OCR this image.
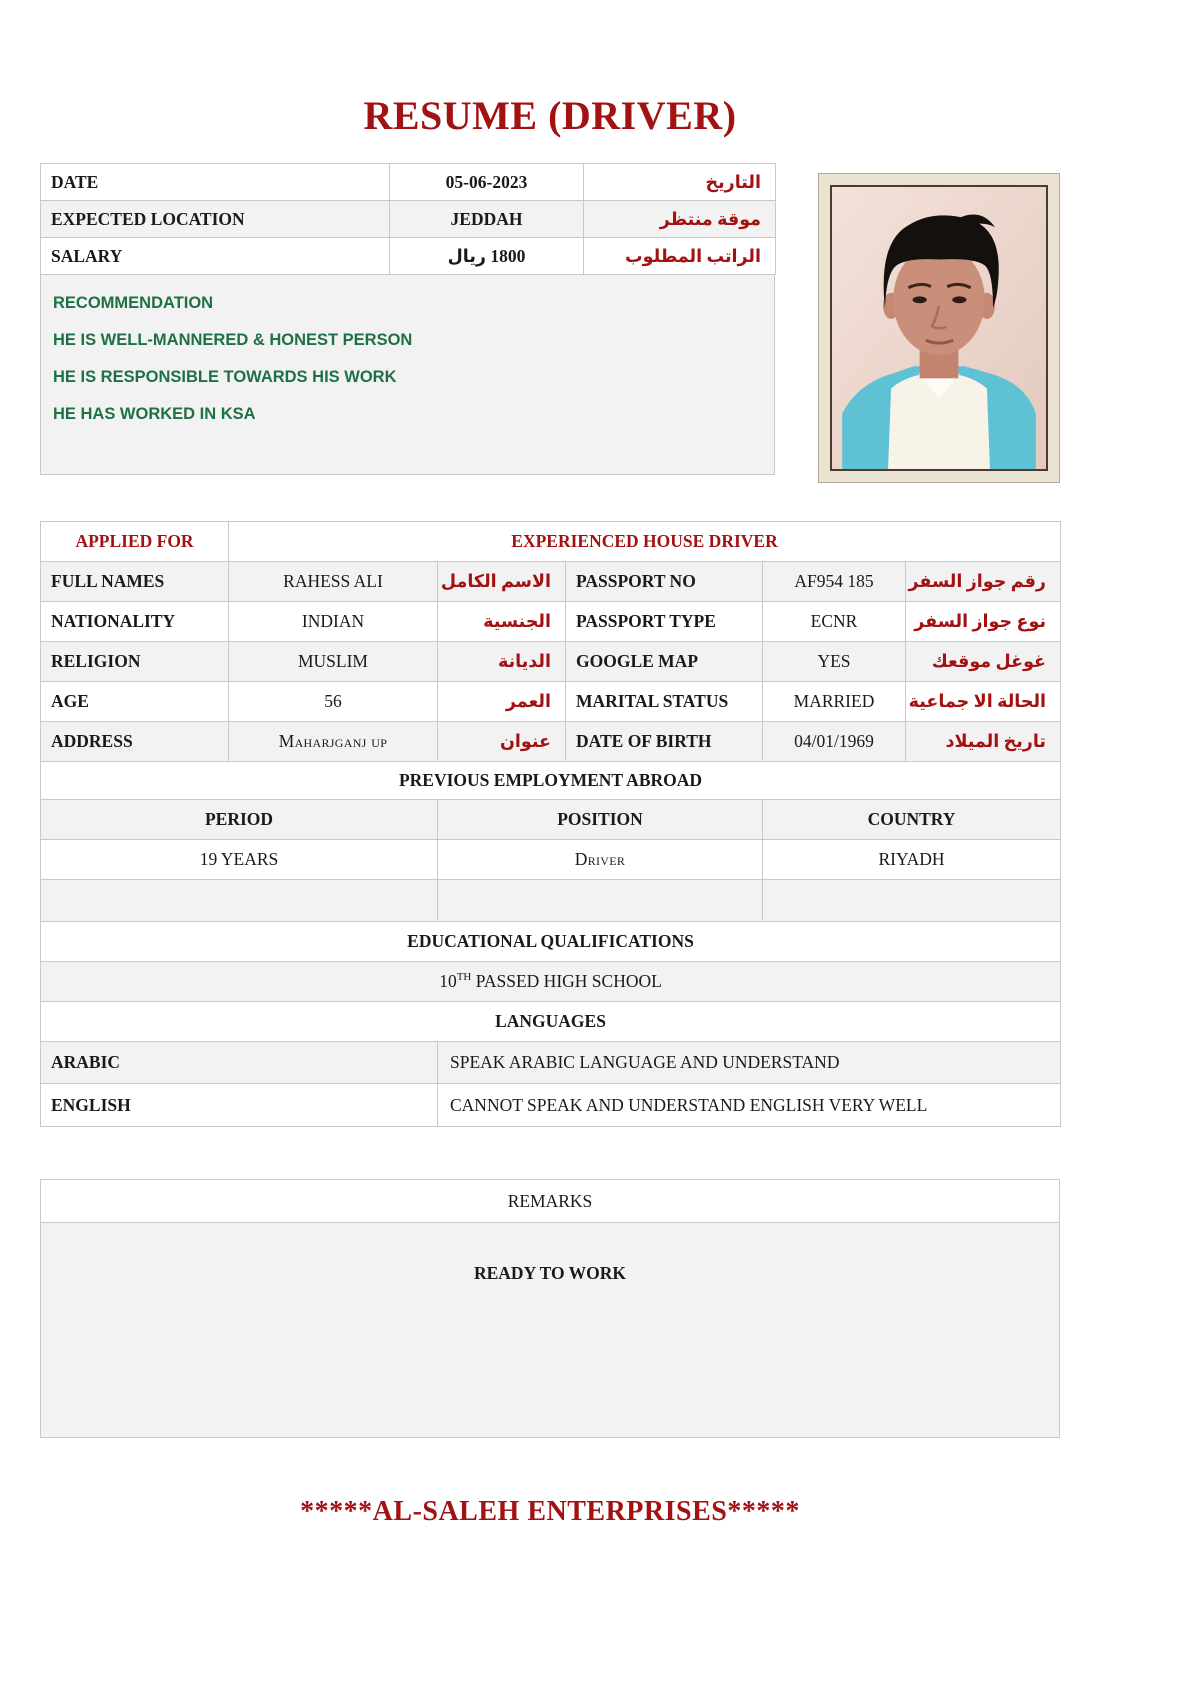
RESUME (DRIVER)
DATE	05-06-2023	التاريخ
EXPECTED LOCATION	JEDDAH	موقة منتظر
SALARY	1800 ريال	الراتب المطلوب

RECOMMENDATION

HE IS WELL-MANNERED & HONEST PERSON

HE IS RESPONSIBLE TOWARDS HIS WORK

HE HAS WORKED IN KSA

APPLIED FOR	EXPERIENCED HOUSE DRIVER				
FULL NAMES	RAHESS ALI	الاسم الكامل	PASSPORT NO	AF954 185	رقم جواز السفر
NATIONALITY	INDIAN	الجنسية	PASSPORT TYPE	ECNR	نوع جواز السفر
RELIGION	MUSLIM	الديانة	GOOGLE MAP	YES	غوغل موقعك
AGE	56	العمر	MARITAL STATUS	MARRIED	الحالة الا جماعية
ADDRESS	Maharjganj up	عنوان	DATE OF BIRTH	04/01/1969	تاريخ الميلاد
PREVIOUS EMPLOYMENT ABROAD					
PERIOD		POSITION		COUNTRY	
19 YEARS		Driver		RIYADH	

EDUCATIONAL QUALIFICATIONS					
10TH PASSED HIGH SCHOOL					
LANGUAGES					
ARABIC		SPEAK ARABIC LANGUAGE AND UNDERSTAND			
ENGLISH		CANNOT SPEAK AND UNDERSTAND ENGLISH VERY WELL			
REMARKS
READY TO WORK
*****AL-SALEH ENTERPRISES*****
